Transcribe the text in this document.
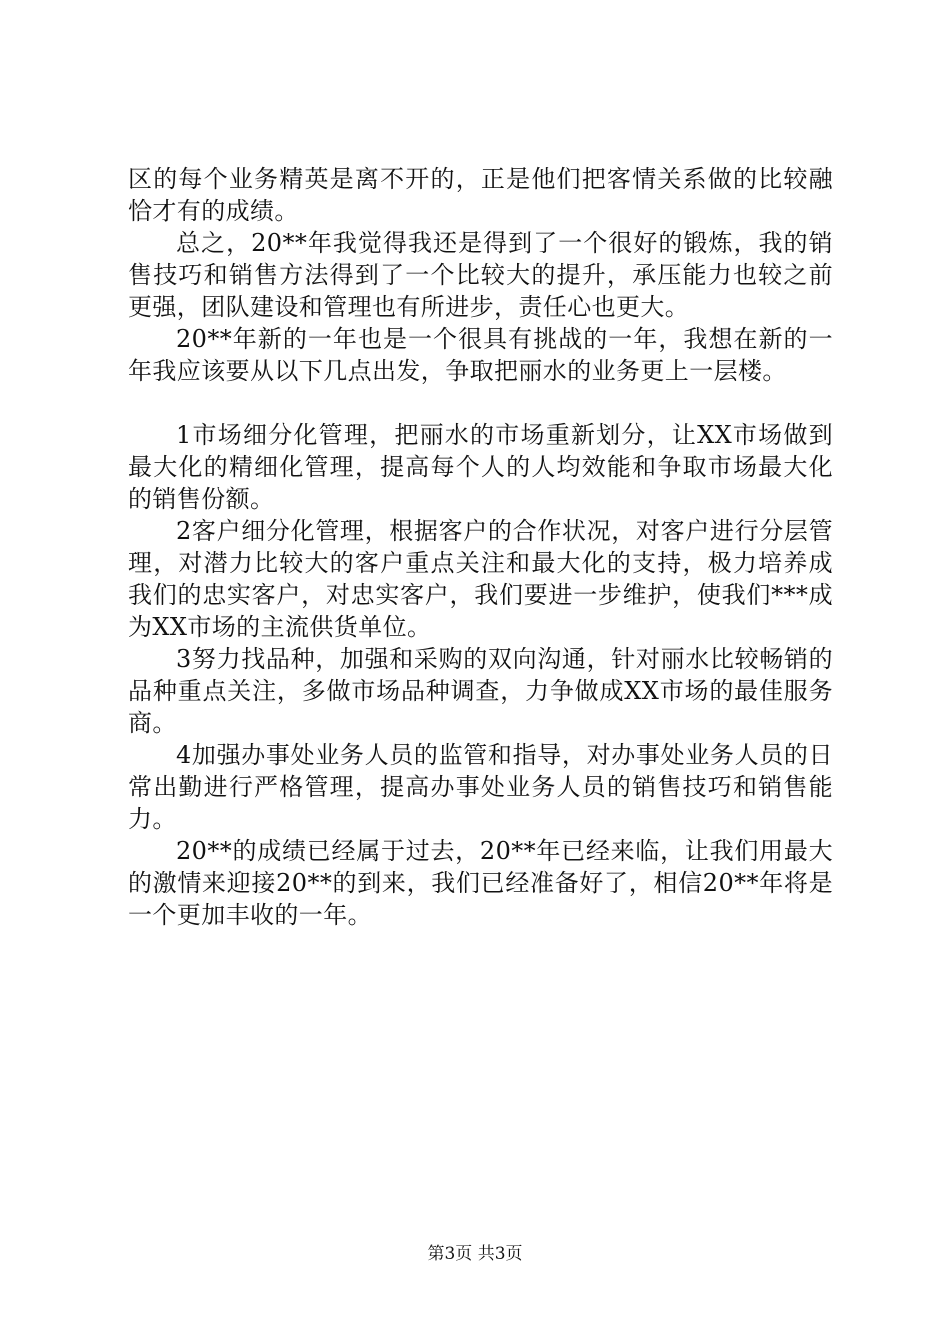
区的每个业务精英是离不开的，正是他们把客情关系做的比较融恰才有的成绩。

总之，20**年我觉得我还是得到了一个很好的锻炼，我的销售技巧和销售方法得到了一个比较大的提升，承压能力也较之前更强，团队建设和管理也有所进步，责任心也更大。

20**年新的一年也是一个很具有挑战的一年，我想在新的一年我应该要从以下几点出发，争取把丽水的业务更上一层楼。

1市场细分化管理，把丽水的市场重新划分，让XX市场做到最大化的精细化管理，提高每个人的人均效能和争取市场最大化的销售份额。

2客户细分化管理，根据客户的合作状况，对客户进行分层管理，对潜力比较大的客户重点关注和最大化的支持，极力培养成我们的忠实客户，对忠实客户，我们要进一步维护，使我们***成为XX市场的主流供货单位。

3努力找品种，加强和采购的双向沟通，针对丽水比较畅销的品种重点关注，多做市场品种调查，力争做成XX市场的最佳服务商。

4加强办事处业务人员的监管和指导，对办事处业务人员的日常出勤进行严格管理，提高办事处业务人员的销售技巧和销售能力。

20**的成绩已经属于过去，20**年已经来临，让我们用最大的激情来迎接20**的到来，我们已经准备好了，相信20**年将是一个更加丰收的一年。

第3页 共3页
